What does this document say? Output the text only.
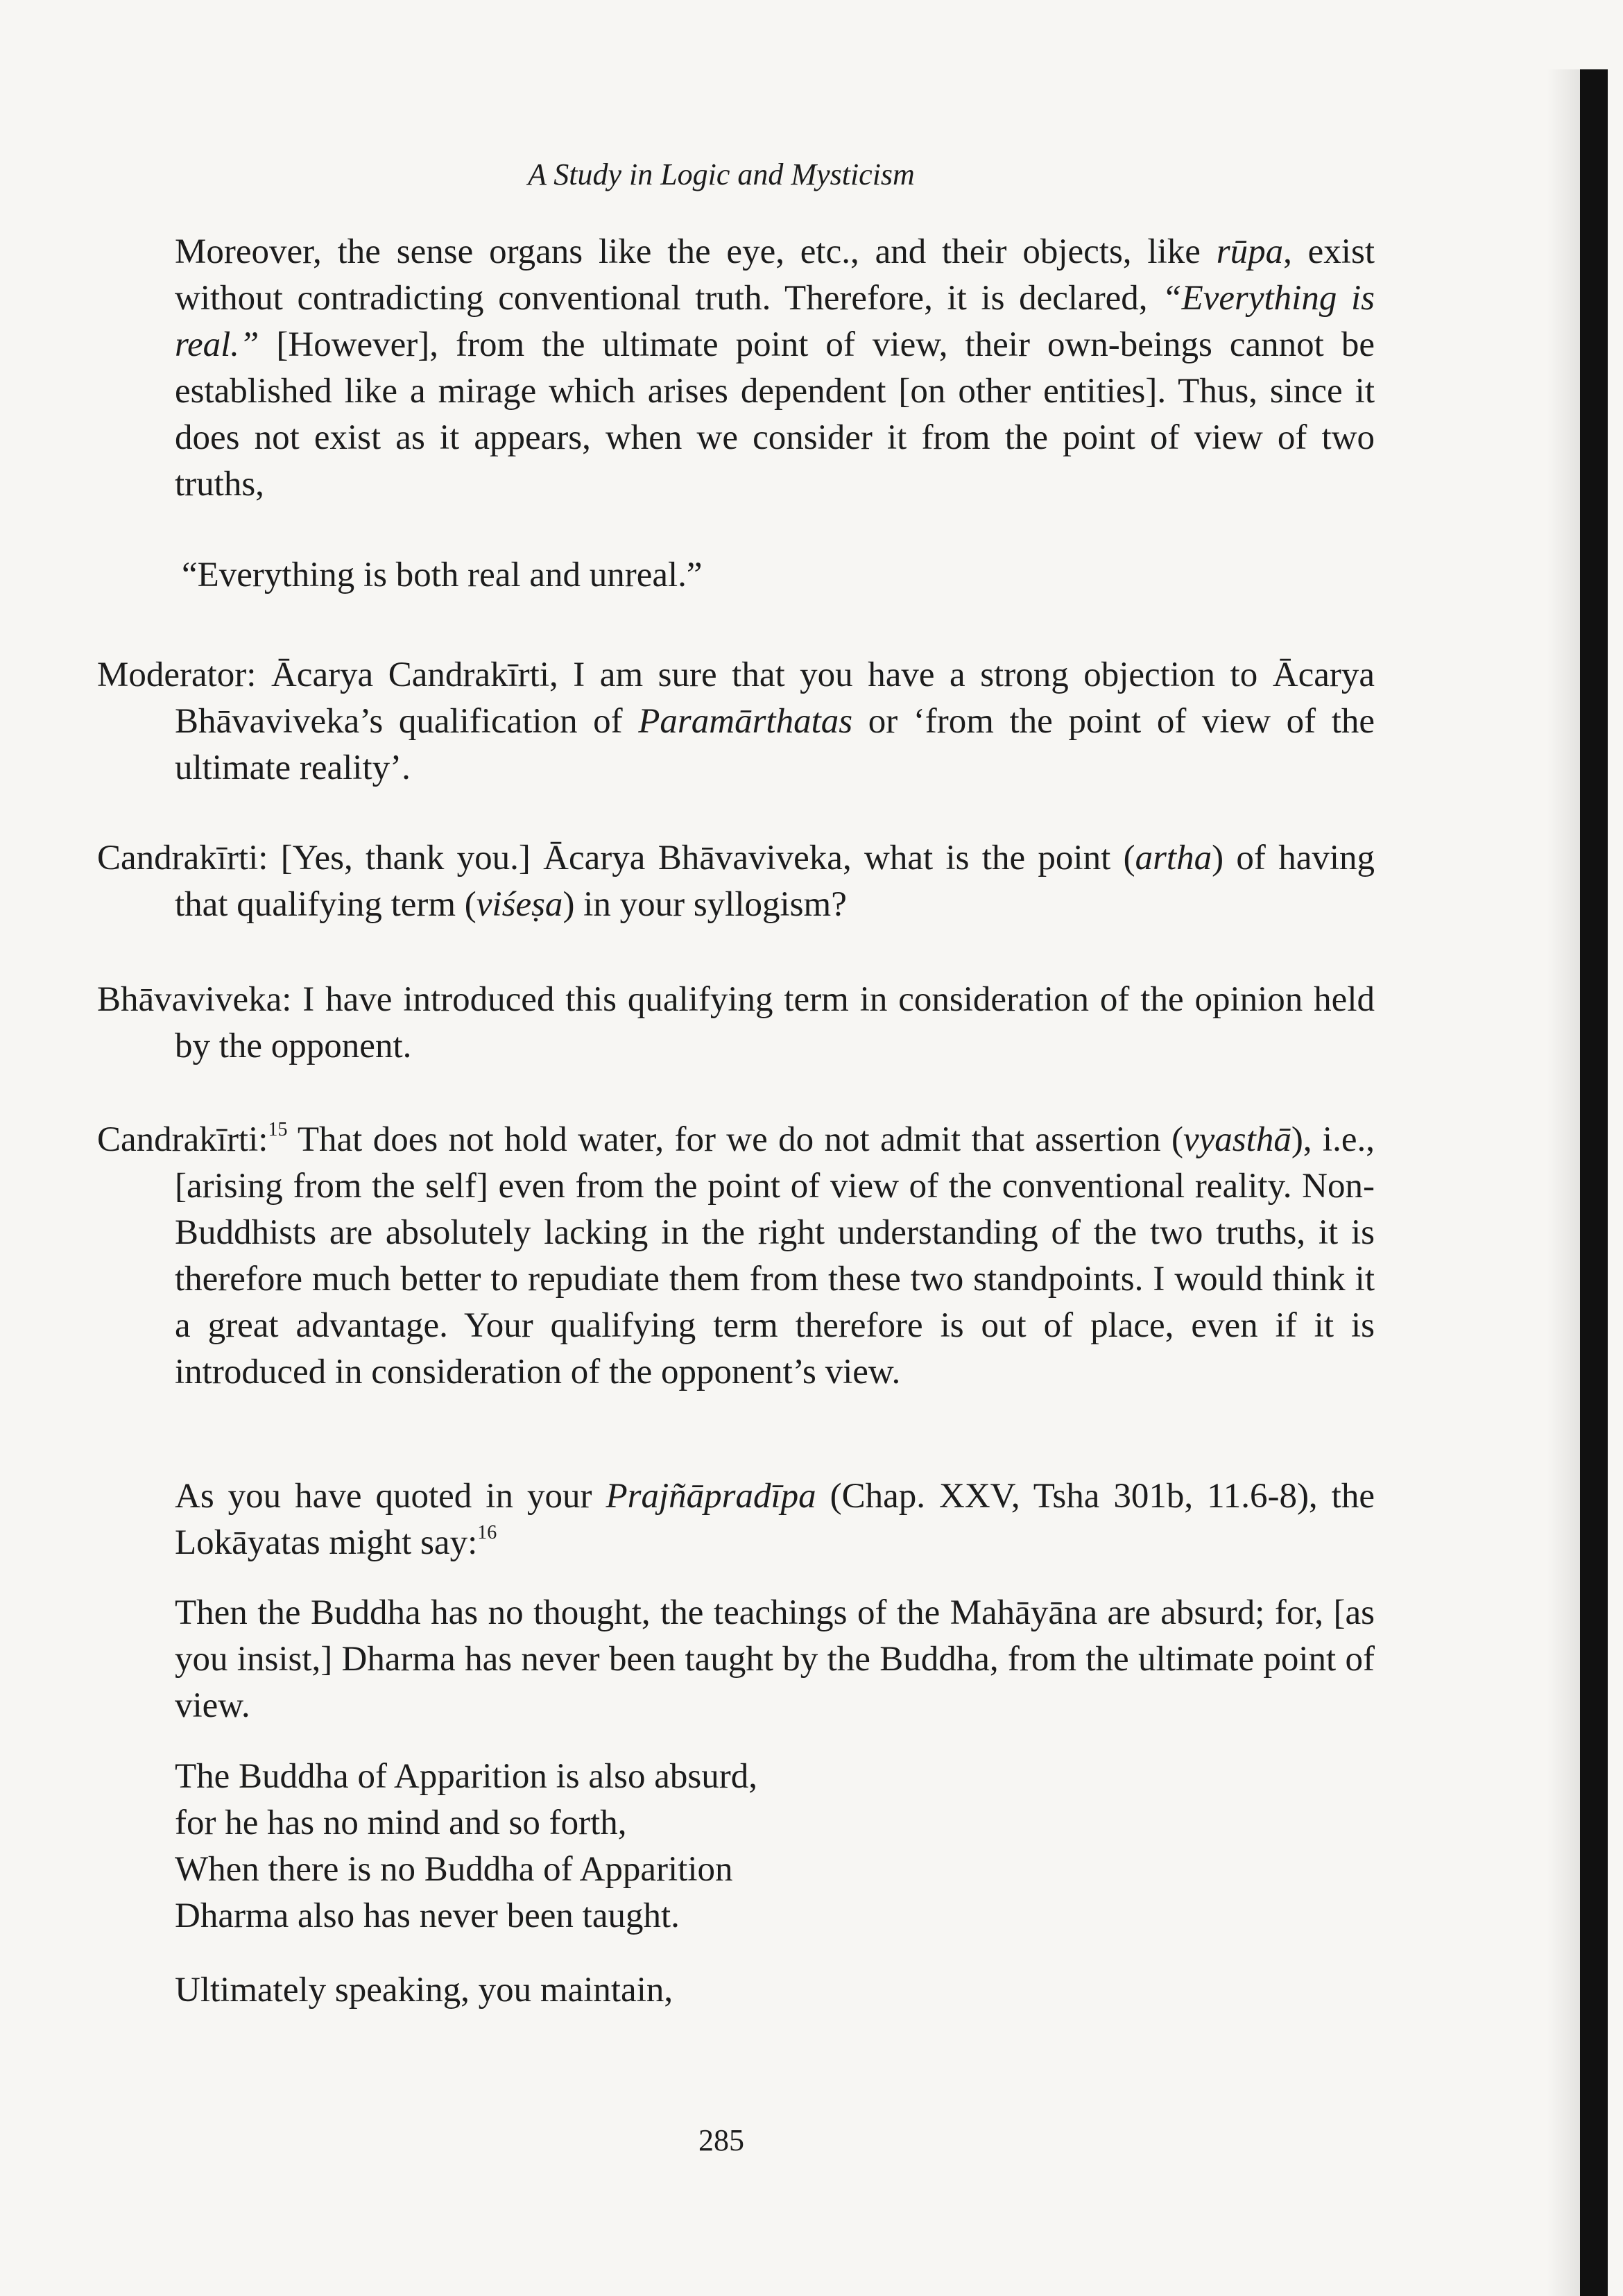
A Study in Logic and Mysticism

Moreover, the sense organs like the eye, etc., and their objects, like rūpa, exist without contradicting conventional truth. Therefore, it is declared, “Everything is real.” [However], from the ultimate point of view, their own-beings cannot be established like a mirage which arises dependent [on other entities]. Thus, since it does not exist as it appears, when we consider it from the point of view of two truths,

“Everything is both real and unreal.”

Moderator: Ācarya Candrakīrti, I am sure that you have a strong objection to Ācarya Bhāvaviveka’s qualification of Paramārthatas or ‘from the point of view of the ultimate reality’.

Candrakīrti: [Yes, thank you.] Ācarya Bhāvaviveka, what is the point (artha) of having that qualifying term (viśeṣa) in your syllogism?

Bhāvaviveka: I have introduced this qualifying term in consideration of the opinion held by the opponent.

Candrakīrti:$^{15}$ That does not hold water, for we do not admit that assertion (vyasthā), i.e., [arising from the self] even from the point of view of the conventional reality. Non-Buddhists are absolutely lacking in the right understanding of the two truths, it is therefore much better to repudiate them from these two standpoints. I would think it a great advantage. Your qualifying term therefore is out of place, even if it is introduced in consideration of the opponent’s view.

As you have quoted in your Prajñāpradīpa (Chap. XXV, Tsha 301b, 11.6-8), the Lokāyatas might say:$^{16}$

Then the Buddha has no thought, the teachings of the Mahāyāna are absurd; for, [as you insist,] Dharma has never been taught by the Buddha, from the ultimate point of view.

The Buddha of Apparition is also absurd,
for he has no mind and so forth,
When there is no Buddha of Apparition
Dharma also has never been taught.

Ultimately speaking, you maintain,

285
